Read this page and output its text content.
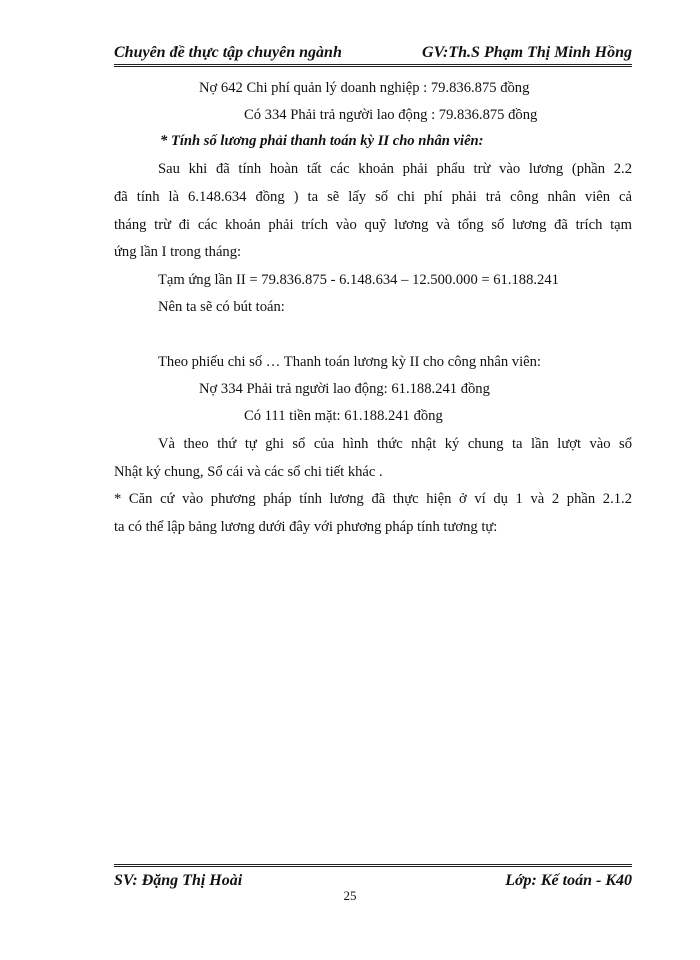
Chuyên đề thực tập chuyên ngành	GV:Th.S Phạm Thị Minh Hồng
Nợ 642 Chi phí quản lý doanh nghiệp : 79.836.875 đồng
Có 334 Phải trả người lao động : 79.836.875 đồng
* Tính số lương phải thanh toán kỳ II cho nhân viên:
Sau khi đã tính hoàn tất các khoản phải phẩu trừ vào lương (phần 2.2
đã tính là 6.148.634 đồng ) ta sẽ lấy số chi phí phải trả công nhân viên cả
tháng trừ đi các khoản phải trích vào quỹ lương và tổng số lương đã trích tạm
ứng lần I trong tháng:
Tạm ứng lần II = 79.836.875 - 6.148.634 – 12.500.000 = 61.188.241
Nên ta sẽ có bút toán:
Theo phiếu chi số … Thanh toán lương kỳ II cho công nhân viên:
Nợ 334 Phải trả người lao động: 61.188.241 đồng
Có 111 tiền mặt: 61.188.241 đồng
Và theo thứ tự ghi sổ của hình thức nhật ký chung ta lần lượt vào sổ
Nhật ký chung, Sổ cái và các sổ chi tiết khác .
* Căn cứ vào phương pháp tính lương đã thực hiện ở ví dụ 1 và 2 phần 2.1.2
ta có thể lập bảng lương dưới đây với phương pháp tính tương tự:
SV: Đặng Thị Hoài	Lớp: Kế toán - K40
25
